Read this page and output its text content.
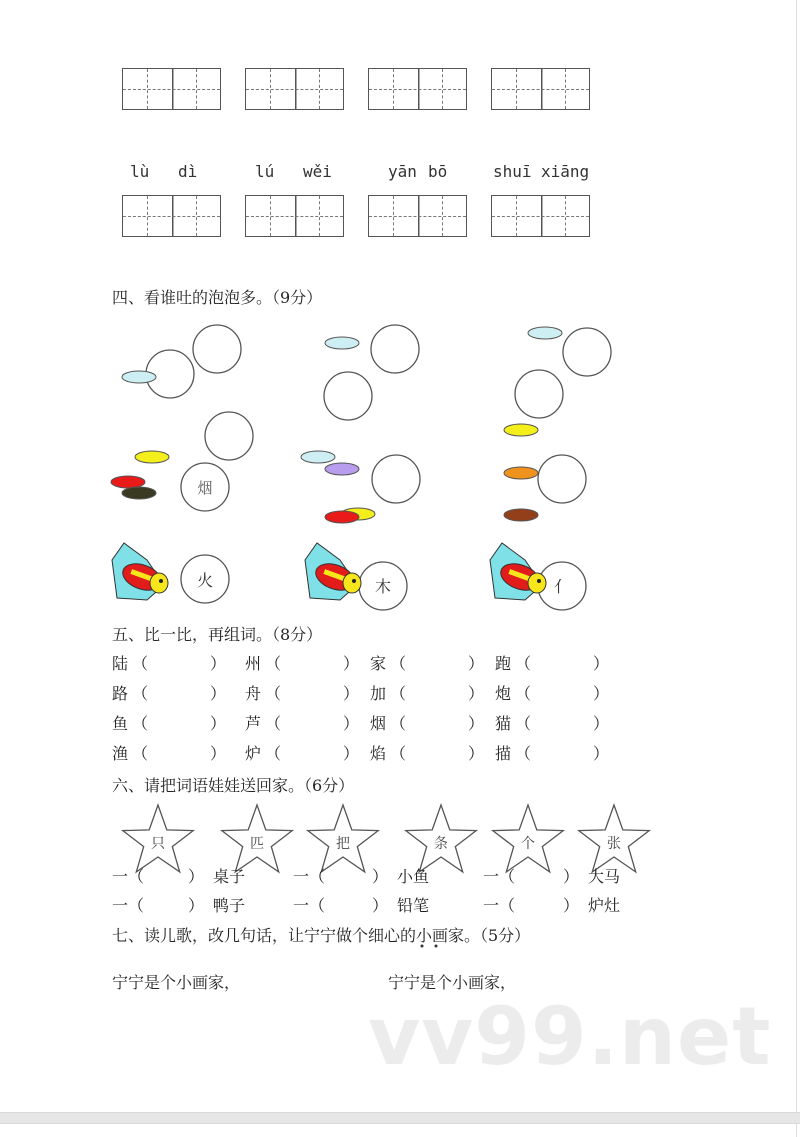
四、看谁吐的泡泡多。（9分）
烟
火	木	亻
只	匹	把	条	个	张
五、比一比，再组词。（8分）
六、请把词语娃娃送回家。（6分）
七、读儿歌，改几句话，让宁宁做个细心的小画家。（5分）
宁宁是个小画家，	宁宁是个小画家，
vv99.net
lù dì	lú wěi	yān bō	shuī xiāng
陆 （	） 州 （	） 家 （	） 跑 （	）
路 （	） 舟 （	） 加 （	） 炮 （	）
鱼 （	） 芦 （	） 烟 （	） 猫 （	）
渔 （	） 炉 （	） 焰 （	） 描 （	）
一（	） 桌子	一（	） 小鱼	一（	） 大马
一（	） 鸭子	一（	） 铅笔	一（	） 炉灶
